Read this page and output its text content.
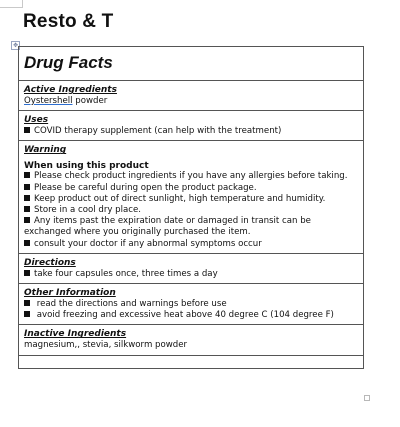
Resto & T
✥
Drug Facts
Active Ingredients
Oystershell powder
Uses
COVID therapy supplement (can help with the treatment)
Warning
When using this product
Please check product ingredients if you have any allergies before taking.
Please be careful during open the product package.
Keep product out of direct sunlight, high temperature and humidity.
Store in a cool dry place.
Any items past the expiration date or damaged in transit can be exchanged where you originally purchased the item.
consult your doctor if any abnormal symptoms occur
Directions
take four capsules once, three times a day
Other Information
read the directions and warnings before use
avoid freezing and excessive heat above 40 degree C (104 degree F)
Inactive Ingredients
magnesium,, stevia, silkworm powder
